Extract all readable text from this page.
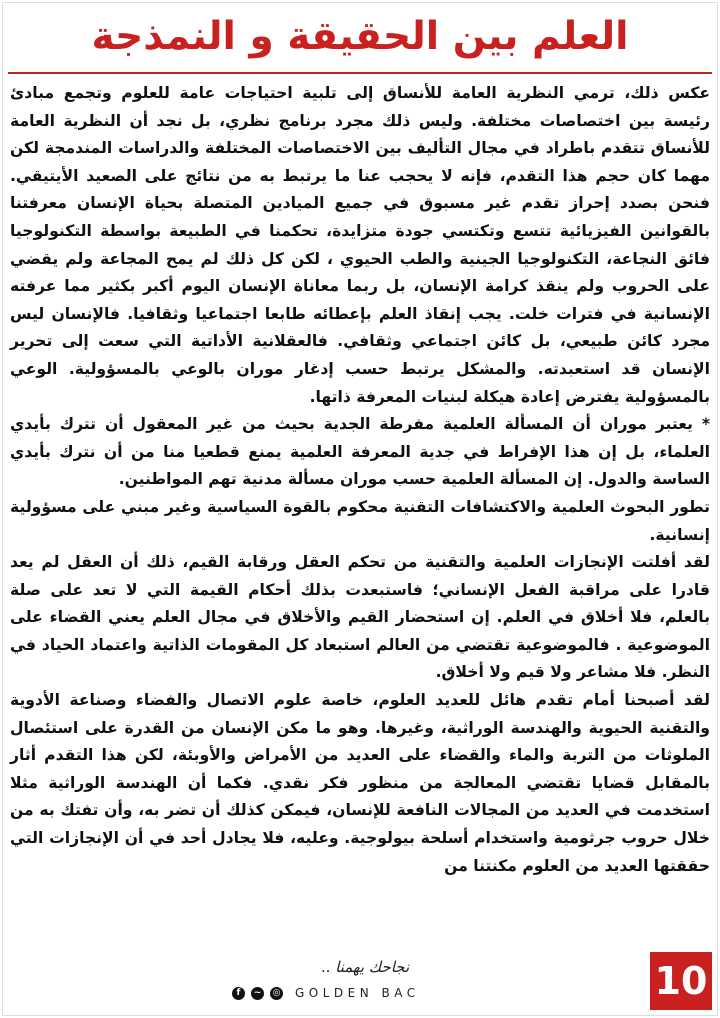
العلم بين الحقيقة و النمذجة

عكس ذلك، ترمي النظرية العامة للأنساق إلى تلبية احتياجات عامة للعلوم وتجمع مبادئ رئيسة بين اختصاصات مختلفة. وليس ذلك مجرد برنامج نظري، بل نجد أن النظرية العامة للأنساق تتقدم باطراد في مجال التأليف بين الاختصاصات المختلفة والدراسات المندمجة لكن مهما كان حجم هذا التقدم، فإنه لا يحجب عنا ما يرتبط به من نتائج على الصعيد الأيتيقي. فنحن بصدد إحراز تقدم غير مسبوق في جميع الميادين المتصلة بحياة الإنسان معرفتنا بالقوانين الفيزيائية تتسع وتكتسي جودة متزايدة، تحكمنا في الطبيعة بواسطة التكنولوجيا فائق النجاعة، التكنولوجيا الجينية والطب الحيوي ، لكن كل ذلك لم يمح المجاعة ولم يقضي على الحروب ولم ينقذ كرامة الإنسان، بل ربما معاناة الإنسان اليوم أكبر بكثير مما عرفته الإنسانية في فترات خلت. يجب إنقاذ العلم بإعطائه طابعا اجتماعيا وثقافيا. فالإنسان ليس مجرد كائن طبيعي، بل كائن اجتماعي وثقافي. فالعقلانية الأداتية التي سعت إلى تحرير الإنسان قد استعبدته. والمشكل يرتبط حسب إدغار موران بالوعي بالمسؤولية. الوعي بالمسؤولية يفترض إعادة هيكلة لبنيات المعرفة ذاتها.

* يعتبر موران أن المسألة العلمية مفرطة الجدية بحيث من غير المعقول أن تترك بأيدي العلماء، بل إن هذا الإفراط في جدية المعرفة العلمية يمنع قطعيا منا من أن نترك بأيدي الساسة والدول. إن المسألة العلمية حسب موران مسألة مدنية تهم المواطنين.

تطور البحوث العلمية والاكتشافات التقنية محكوم بالقوة السياسية وغير مبني على مسؤولية إنسانية.

لقد أفلتت الإنجازات العلمية والتقنية من تحكم العقل ورقابة القيم، ذلك أن العقل لم يعد قادرا على مراقبة الفعل الإنساني؛ فاستبعدت بذلك أحكام القيمة التي لا تعد على صلة بالعلم، فلا أخلاق في العلم. إن استحضار القيم والأخلاق في مجال العلم يعني القضاء على الموضوعية . فالموضوعية تقتضي من العالم استبعاد كل المقومات الذاتية واعتماد الحياد في النظر. فلا مشاعر ولا قيم ولا أخلاق.

لقد أصبحنا أمام تقدم هائل للعديد العلوم، خاصة علوم الاتصال والفضاء وصناعة الأدوية والتقنية الحيوية والهندسة الوراثية، وغيرها. وهو ما مكن الإنسان من القدرة على استئصال الملوثات من التربة والماء والقضاء على العديد من الأمراض والأوبئة، لكن هذا التقدم أثار بالمقابل قضايا تقتضي المعالجة من منظور فكر نقدي. فكما أن الهندسة الوراثية مثلا استخدمت في العديد من المجالات النافعة للإنسان، فيمكن كذلك أن تضر به، وأن تفتك به من خلال حروب جرثومية واستخدام أسلحة بيولوجية. وعليه، فلا يجادل أحد في أن الإنجازات التي حققتها العديد من العلوم مكنتنا من

نجاحك يهمنا ..
f	~	◎ GOLDEN BAC	10
